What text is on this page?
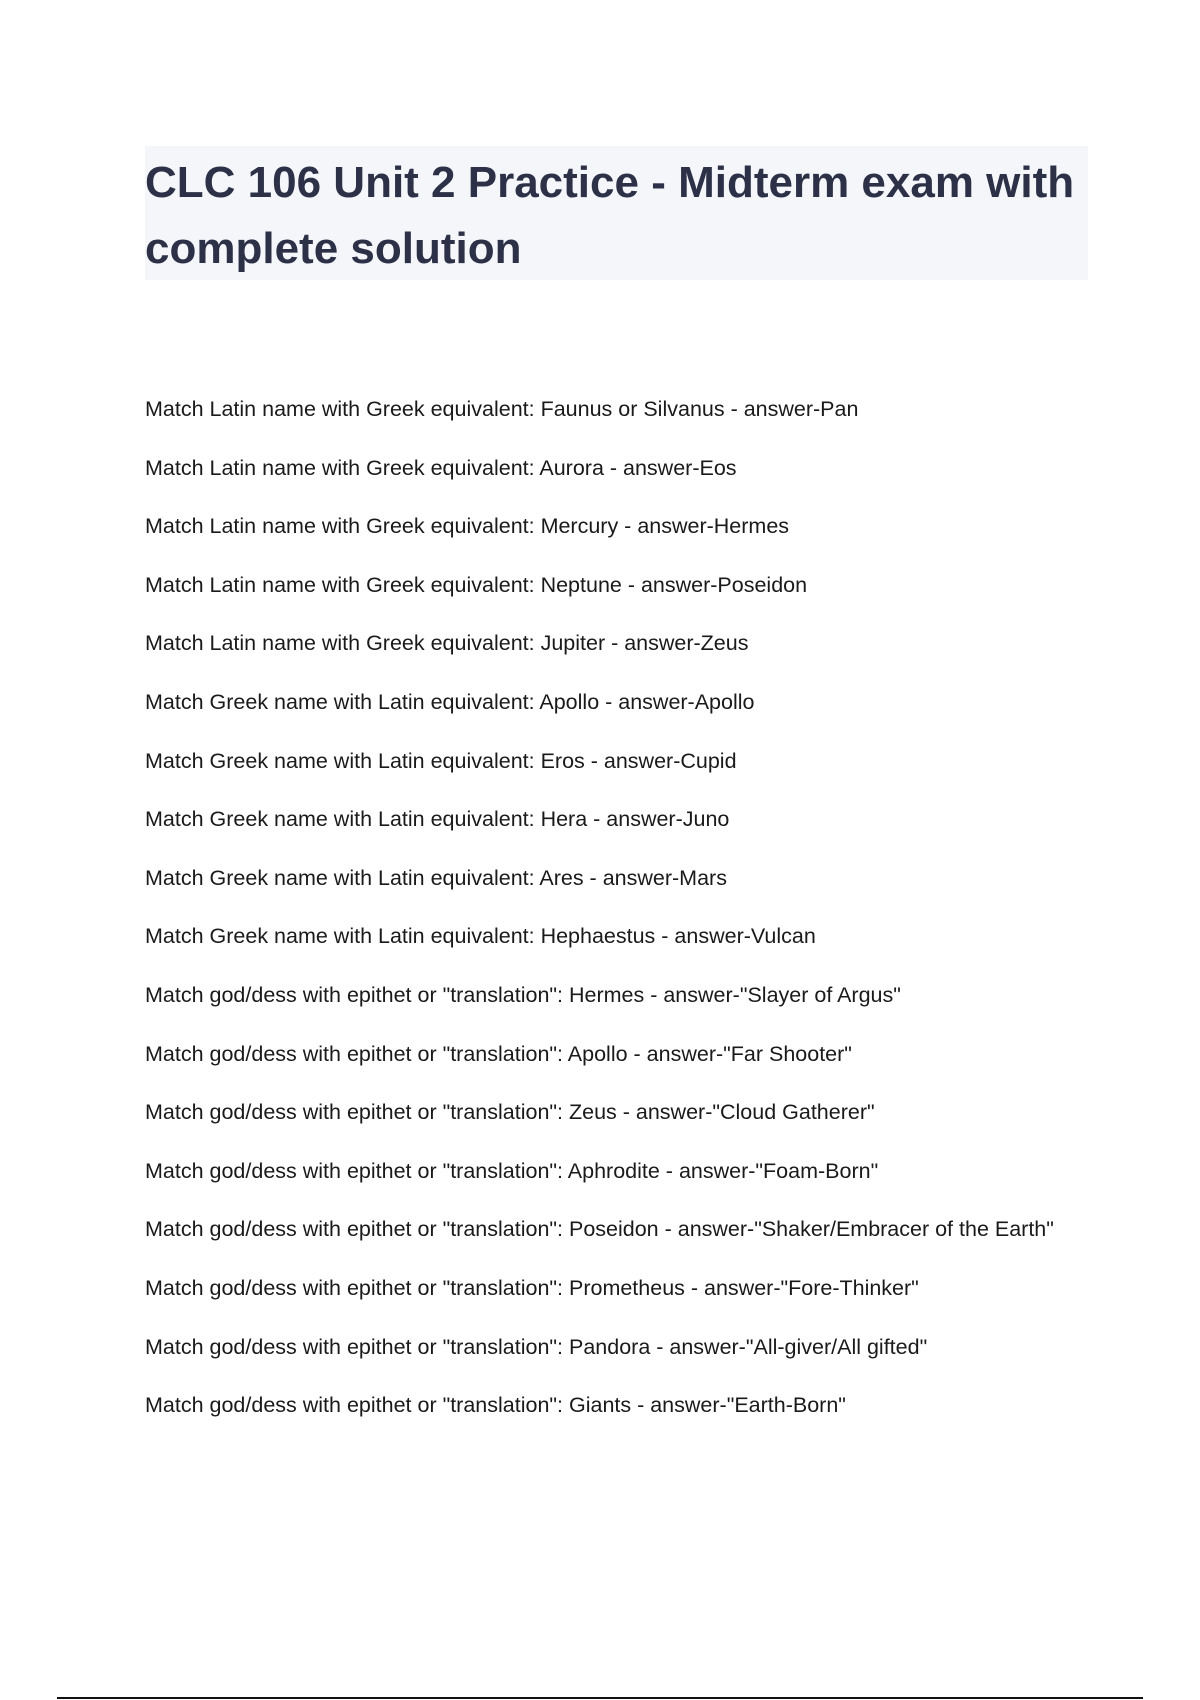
CLC 106 Unit 2 Practice - Midterm exam with complete solution
Match Latin name with Greek equivalent: Faunus or Silvanus - answer-Pan
Match Latin name with Greek equivalent: Aurora - answer-Eos
Match Latin name with Greek equivalent: Mercury - answer-Hermes
Match Latin name with Greek equivalent: Neptune - answer-Poseidon
Match Latin name with Greek equivalent: Jupiter - answer-Zeus
Match Greek name with Latin equivalent: Apollo - answer-Apollo
Match Greek name with Latin equivalent: Eros - answer-Cupid
Match Greek name with Latin equivalent: Hera - answer-Juno
Match Greek name with Latin equivalent: Ares - answer-Mars
Match Greek name with Latin equivalent: Hephaestus - answer-Vulcan
Match god/dess with epithet or "translation": Hermes - answer-"Slayer of Argus"
Match god/dess with epithet or "translation": Apollo - answer-"Far Shooter"
Match god/dess with epithet or "translation": Zeus - answer-"Cloud Gatherer"
Match god/dess with epithet or "translation": Aphrodite - answer-"Foam-Born"
Match god/dess with epithet or "translation": Poseidon - answer-"Shaker/Embracer of the Earth"
Match god/dess with epithet or "translation": Prometheus - answer-"Fore-Thinker"
Match god/dess with epithet or "translation": Pandora - answer-"All-giver/All gifted"
Match god/dess with epithet or "translation": Giants - answer-"Earth-Born"
